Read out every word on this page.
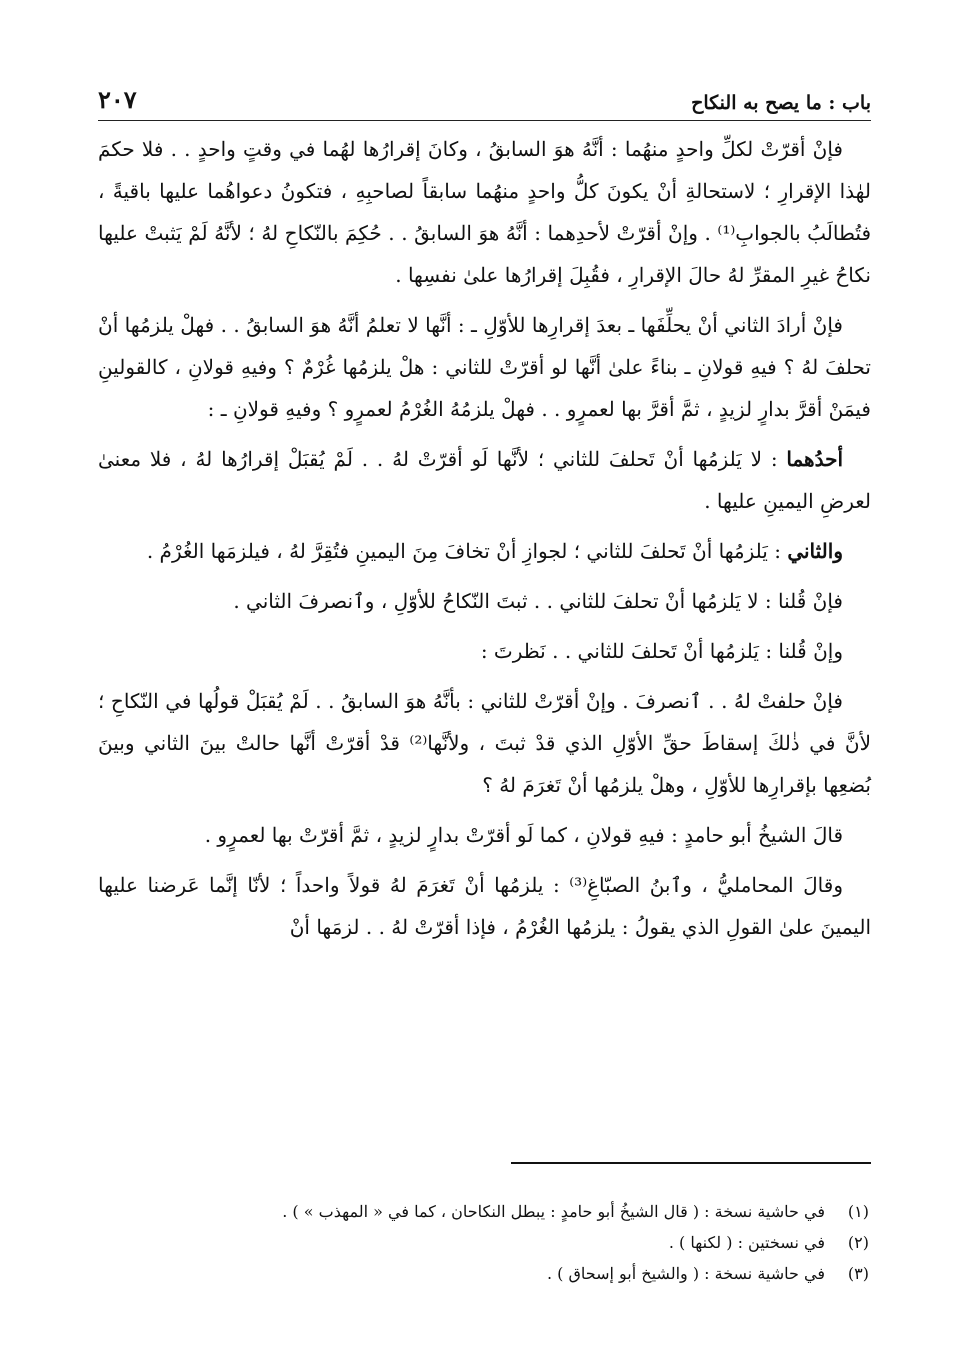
باب : ما يصح به النكاح
٢٠٧

فإنْ أقرّتْ لكلِّ واحدٍ منهُما : أنَّهُ هوَ السابقُ ، وكانَ إقرارُها لهُما في وقتٍ واحدٍ . . فلا حكمَ لهٰذا الإقرارِ ؛ لاستحالةِ أنْ يكونَ كلُّ واحدٍ منهُما سابقاً لصاحبِهِ ، فتكونُ دعواهُما عليها باقيةً ، فتُطالَبُ بالجوابِ⁽¹⁾ . وإنْ أقرّتْ لأحدِهما : أنَّهُ هوَ السابقُ . . حُكِمَ بالنّكاحِ لهُ ؛ لأنَّهُ لَمْ يَثبتْ عليها نكاحُ غيرِ المقرِّ لهُ حالَ الإقرارِ ، فقُبِلَ إقرارُها علىٰ نفسِها .

فإنْ أرادَ الثاني أنْ يحلِّفَها ـ بعدَ إقرارِها للأوّلِ ـ : أنَّها لا تعلمُ أنَّهُ هوَ السابقُ . . فهلْ يلزمُها أنْ تحلفَ لهُ ؟ فيهِ قولانِ ـ بناءً علىٰ أنَّها لو أقرّتْ للثاني : هلْ يلزمُها غُرْمٌ ؟ وفيهِ قولانِ ، كالقولينِ فيمَنْ أقرَّ بدارٍ لزيدٍ ، ثمَّ أقرَّ بها لعمرٍو . . فهلْ يلزمُهُ الغُرْمُ لعمرٍو ؟ وفيهِ قولانِ ـ :

أحدُهما : لا يَلزمُها أنْ تَحلفَ للثاني ؛ لأنَّها لَو أقرّتْ لهُ . . لَمْ يُقبَلْ إقرارُها لهُ ، فلا معنىٰ لعرضِ اليمينِ عليها .

والثاني : يَلزمُها أنْ تَحلفَ للثاني ؛ لجوازِ أنْ تخافَ مِنَ اليمينِ فتُقِرَّ لهُ ، فيلزمَها الغُرْمُ .

فإنْ قُلنا : لا يَلزمُها أنْ تحلفَ للثاني . . ثبتَ النّكاحُ للأوّلِ ، وٱنصرفَ الثاني .

وإنْ قُلنا : يَلزمُها أنْ تَحلفَ للثاني . . نَظرتَ :

فإنْ حلفتْ لهُ . . ٱنصرفَ . وإنْ أقرّتْ للثاني : بأنَّهُ هوَ السابقُ . . لَمْ يُقبَلْ قولُها في النّكاحِ ؛ لأنَّ في ذٰلكَ إسقاطَ حقِّ الأوّلِ الذي قدْ ثبتَ ، ولأنَّها⁽²⁾ قدْ أقرّتْ أنَّها حالتْ بينَ الثاني وبينَ بُضعِها بإقرارِها للأوّلِ ، وهلْ يلزمُها أنْ تَغرَمَ لهُ ؟

قالَ الشيخُ أبو حامدٍ : فيهِ قولانِ ، كما لَو أقرّتْ بدارٍ لزيدٍ ، ثمَّ أقرّتْ بها لعمرٍو .

وقالَ المحامليُّ ، وٱبنُ الصبّاغِ⁽³⁾ : يلزمُها أنْ تَغرَمَ لهُ قولاً واحداً ؛ لأنّا إنَّما عَرضنا عليها اليمينَ علىٰ القولِ الذي يقولُ : يلزمُها الغُرْمُ ، فإذا أقرّتْ لهُ . . لزمَها أنْ

(١)
في حاشية نسخة : ( قال الشيخُ أبو حامدٍ : يبطل النكاحان ، كما في « المهذب » ) .
(٢)
في نسختين : ( لكنها ) .
(٣)
في حاشية نسخة : ( والشيخ أبو إسحاق ) .
